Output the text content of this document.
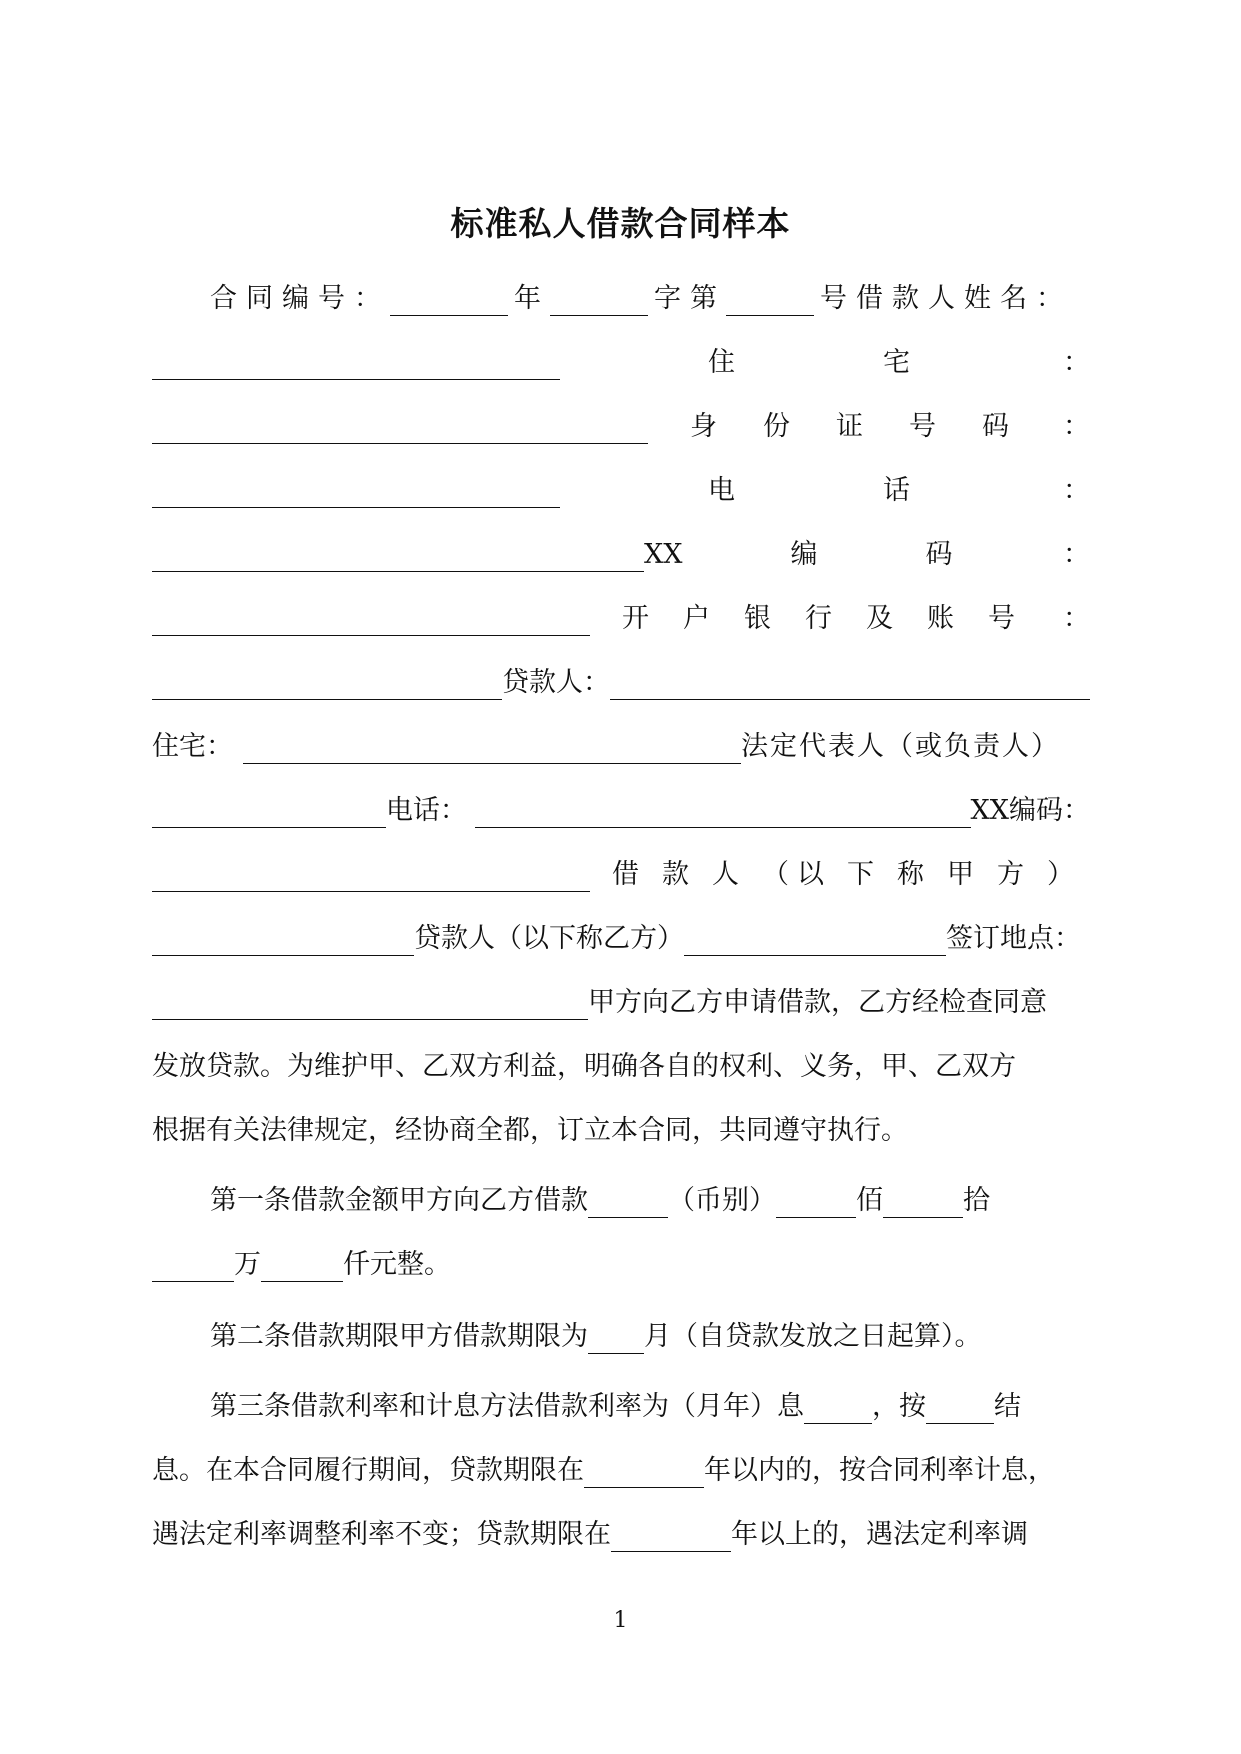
标准私人借款合同样本
合同编号：	年	字第	号借款人姓名：
住	宅	：
身 份 证 号 码 ：
电	话	：
XX	编	码	：
开 户 银 行 及 账 号 ：
贷款人：
住宅：	法定代表人（或负责人）
电话：	XX编码：
借 款 人 （ 以 下 称 甲 方 ）
贷款人（以下称乙方）	签订地点：
甲方向乙方申请借款，乙方经检查同意
发放贷款。为维护甲、乙双方利益，明确各自的权利、义务，甲、乙双方
根据有关法律规定，经协商全都，订立本合同，共同遵守执行。
第一条借款金额甲方向乙方借款	（币别）	佰	拾
万	仟元整。
第二条借款期限甲方借款期限为 月（自贷款发放之日起算）。
第三条借款利率和计息方法借款利率为（月年）息	，按	结
息。在本合同履行期间，贷款期限在	年以内的，按合同利率计息，
遇法定利率调整利率不变；贷款期限在	年以上的，遇法定利率调
1
